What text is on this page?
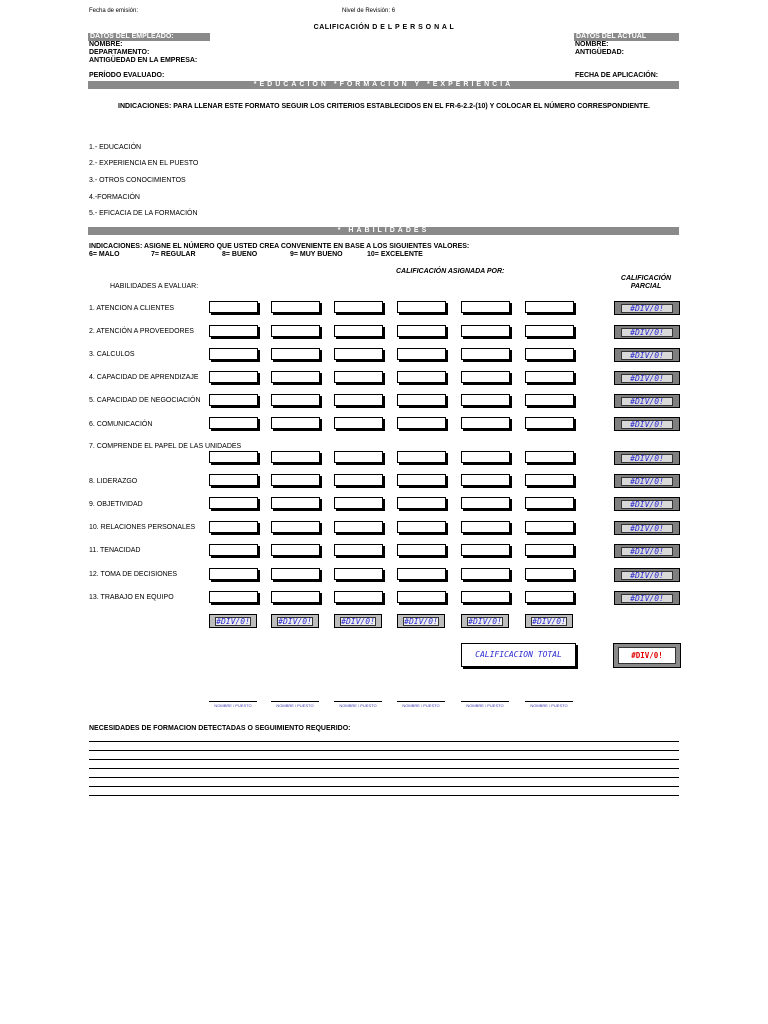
Fecha de emisión:	Nivel de Revisión: 6
CALIFICACIÓN D E L P E R S O N A L
DATOS DEL EMPLEADO:
NOMBRE:
DEPARTAMENTO:
ANTIGÜEDAD EN LA EMPRESA:
PERÍODO EVALUADO:
DATOS DEL ACTUAL
NOMBRE:
ANTIGÜEDAD:
FECHA DE APLICACIÓN:
*EDUCACION *FORMACION Y *EXPERIENCIA
INDICACIONES: PARA LLENAR ESTE FORMATO SEGUIR LOS CRITERIOS ESTABLECIDOS EN EL FR-6-2.2-(10) Y COLOCAR EL NÚMERO CORRESPONDIENTE.
1.- EDUCACIÓN
2.- EXPERIENCIA EN EL PUESTO
3.- OTROS CONOCIMIENTOS
4.-FORMACIÓN
5.- EFICACIA DE LA FORMACIÓN
* HABILIDADES
INDICACIONES: ASIGNE EL NÚMERO QUE USTED CREA CONVENIENTE EN BASE A LOS SIGUIENTES VALORES:
6= MALO	7= REGULAR	8= BUENO	9= MUY BUENO	10= EXCELENTE
CALIFICACIÓN ASIGNADA POR:
CALIFICACIÓN
PARCIAL
HABILIDADES A EVALUAR:
1. ATENCION A CLIENTES	#DIV/0!
2. ATENCIÓN A PROVEEDORES	#DIV/0!
3. CALCULOS	#DIV/0!
4. CAPACIDAD DE APRENDIZAJE	#DIV/0!
5. CAPACIDAD DE NEGOCIACIÓN	#DIV/0!
6. COMUNICACIÓN	#DIV/0!
7. COMPRENDE EL PAPEL DE LAS UNIDADES
#DIV/0!
8. LIDERAZGO	#DIV/0!
9. OBJETIVIDAD	#DIV/0!
10. RELACIONES PERSONALES	#DIV/0!
11. TENACIDAD	#DIV/0!
12. TOMA DE DECISIONES	#DIV/0!
13. TRABAJO EN EQUIPO	#DIV/0!
#DIV/0!	#DIV/0!	#DIV/0!	#DIV/0!	#DIV/0!	#DIV/0!
CALIFICACION TOTAL	#DIV/0!
NOMBRE / PUESTO	NOMBRE / PUESTO	NOMBRE / PUESTO	NOMBRE / PUESTO	NOMBRE / PUESTO	NOMBRE / PUESTO
NECESIDADES DE FORMACION DETECTADAS O SEGUIMIENTO REQUERIDO:
